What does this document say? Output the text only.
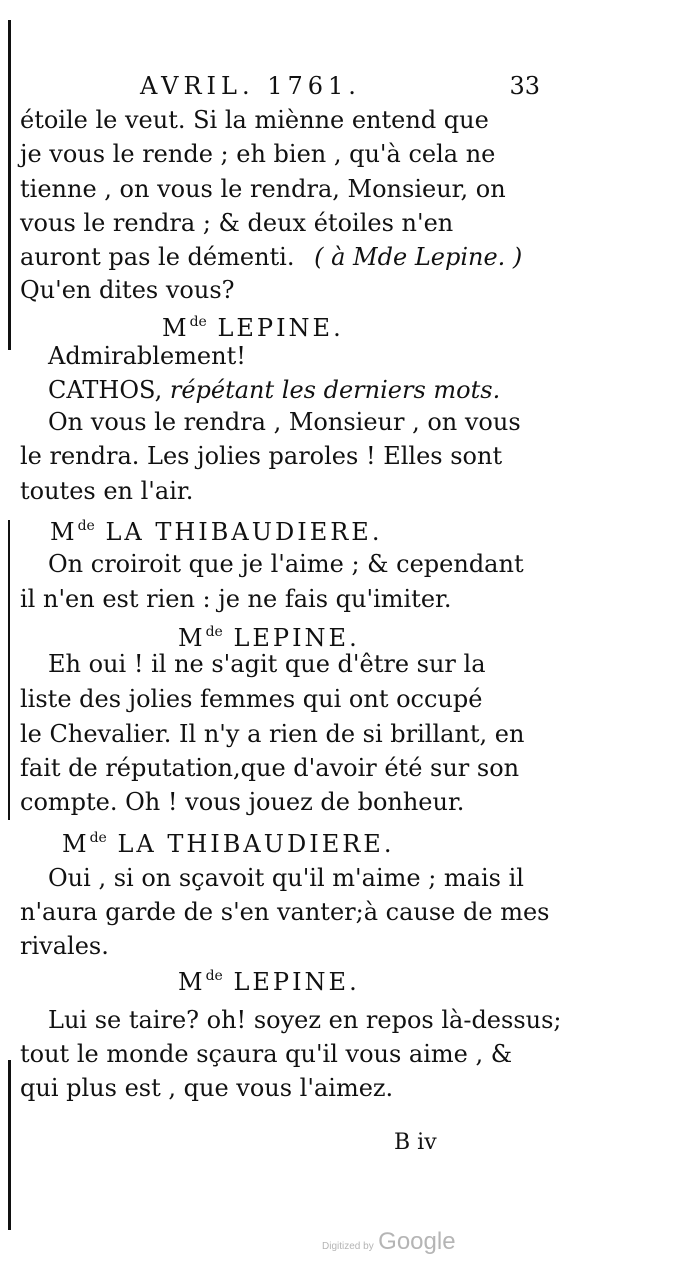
AVRIL. 1761.	33
étoile le veut. Si la miènne entend que
je vous le rende ; eh bien , qu'à cela ne
tienne , on vous le rendra, Monsieur, on
vous le rendra ; & deux étoiles n'en
auront pas le démenti. ( à Mde Lepine. )
Qu'en dites vous?
Mde LEPINE.
Admirablement!
CATHOS, répétant les derniers mots.
On vous le rendra , Monsieur , on vous
le rendra. Les jolies paroles ! Elles sont
toutes en l'air.
Mde LA THIBAUDIERE.
On croiroit que je l'aime ; & cependant
il n'en est rien : je ne fais qu'imiter.
Mde LEPINE.
Eh oui ! il ne s'agit que d'être sur la
liste des jolies femmes qui ont occupé
le Chevalier. Il n'y a rien de si brillant, en
fait de réputation,que d'avoir été sur son
compte. Oh ! vous jouez de bonheur.
Mde LA THIBAUDIERE.
Oui , si on sçavoit qu'il m'aime ; mais il
n'aura garde de s'en vanter;à cause de mes
rivales.
Mde LEPINE.
Lui se taire? oh! soyez en repos là-dessus;
tout le monde sçaura qu'il vous aime , &
qui plus est , que vous l'aimez.
B iv
Digitized by Google
